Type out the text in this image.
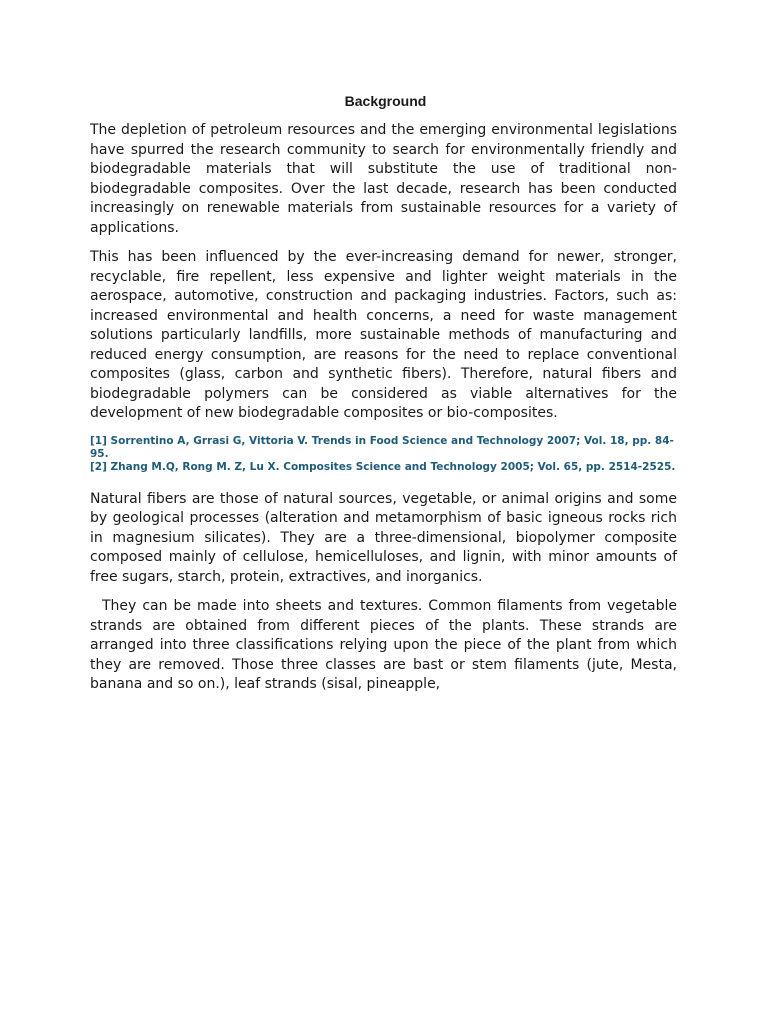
Background

The depletion of petroleum resources and the emerging environmental legislations have spurred the research community to search for environmentally friendly and biodegradable materials that will substitute the use of traditional non-biodegradable composites. Over the last decade, research has been conducted increasingly on renewable materials from sustainable resources for a variety of applications.

This has been influenced by the ever-increasing demand for newer, stronger, recyclable, fire repellent, less expensive and lighter weight materials in the aerospace, automotive, construction and packaging industries. Factors, such as: increased environmental and health concerns, a need for waste management solutions particularly landfills, more sustainable methods of manufacturing and reduced energy consumption, are reasons for the need to replace conventional composites (glass, carbon and synthetic fibers). Therefore, natural fibers and biodegradable polymers can be considered as viable alternatives for the development of new biodegradable composites or bio-composites.

[1] Sorrentino A, Grrasi G, Vittoria V. Trends in Food Science and Technology 2007; Vol. 18, pp. 84-95.

[2] Zhang M.Q, Rong M. Z, Lu X. Composites Science and Technology 2005; Vol. 65, pp. 2514-2525.

Natural fibers are those of natural sources, vegetable, or animal origins and some by geological processes (alteration and metamorphism of basic igneous rocks rich in magnesium silicates). They are a three-dimensional, biopolymer composite composed mainly of cellulose, hemicelluloses, and lignin, with minor amounts of free sugars, starch, protein, extractives, and inorganics.

They can be made into sheets and textures. Common filaments from vegetable strands are obtained from different pieces of the plants. These strands are arranged into three classifications relying upon the piece of the plant from which they are removed. Those three classes are bast or stem filaments (jute, Mesta, banana and so on.), leaf strands (sisal, pineapple,
